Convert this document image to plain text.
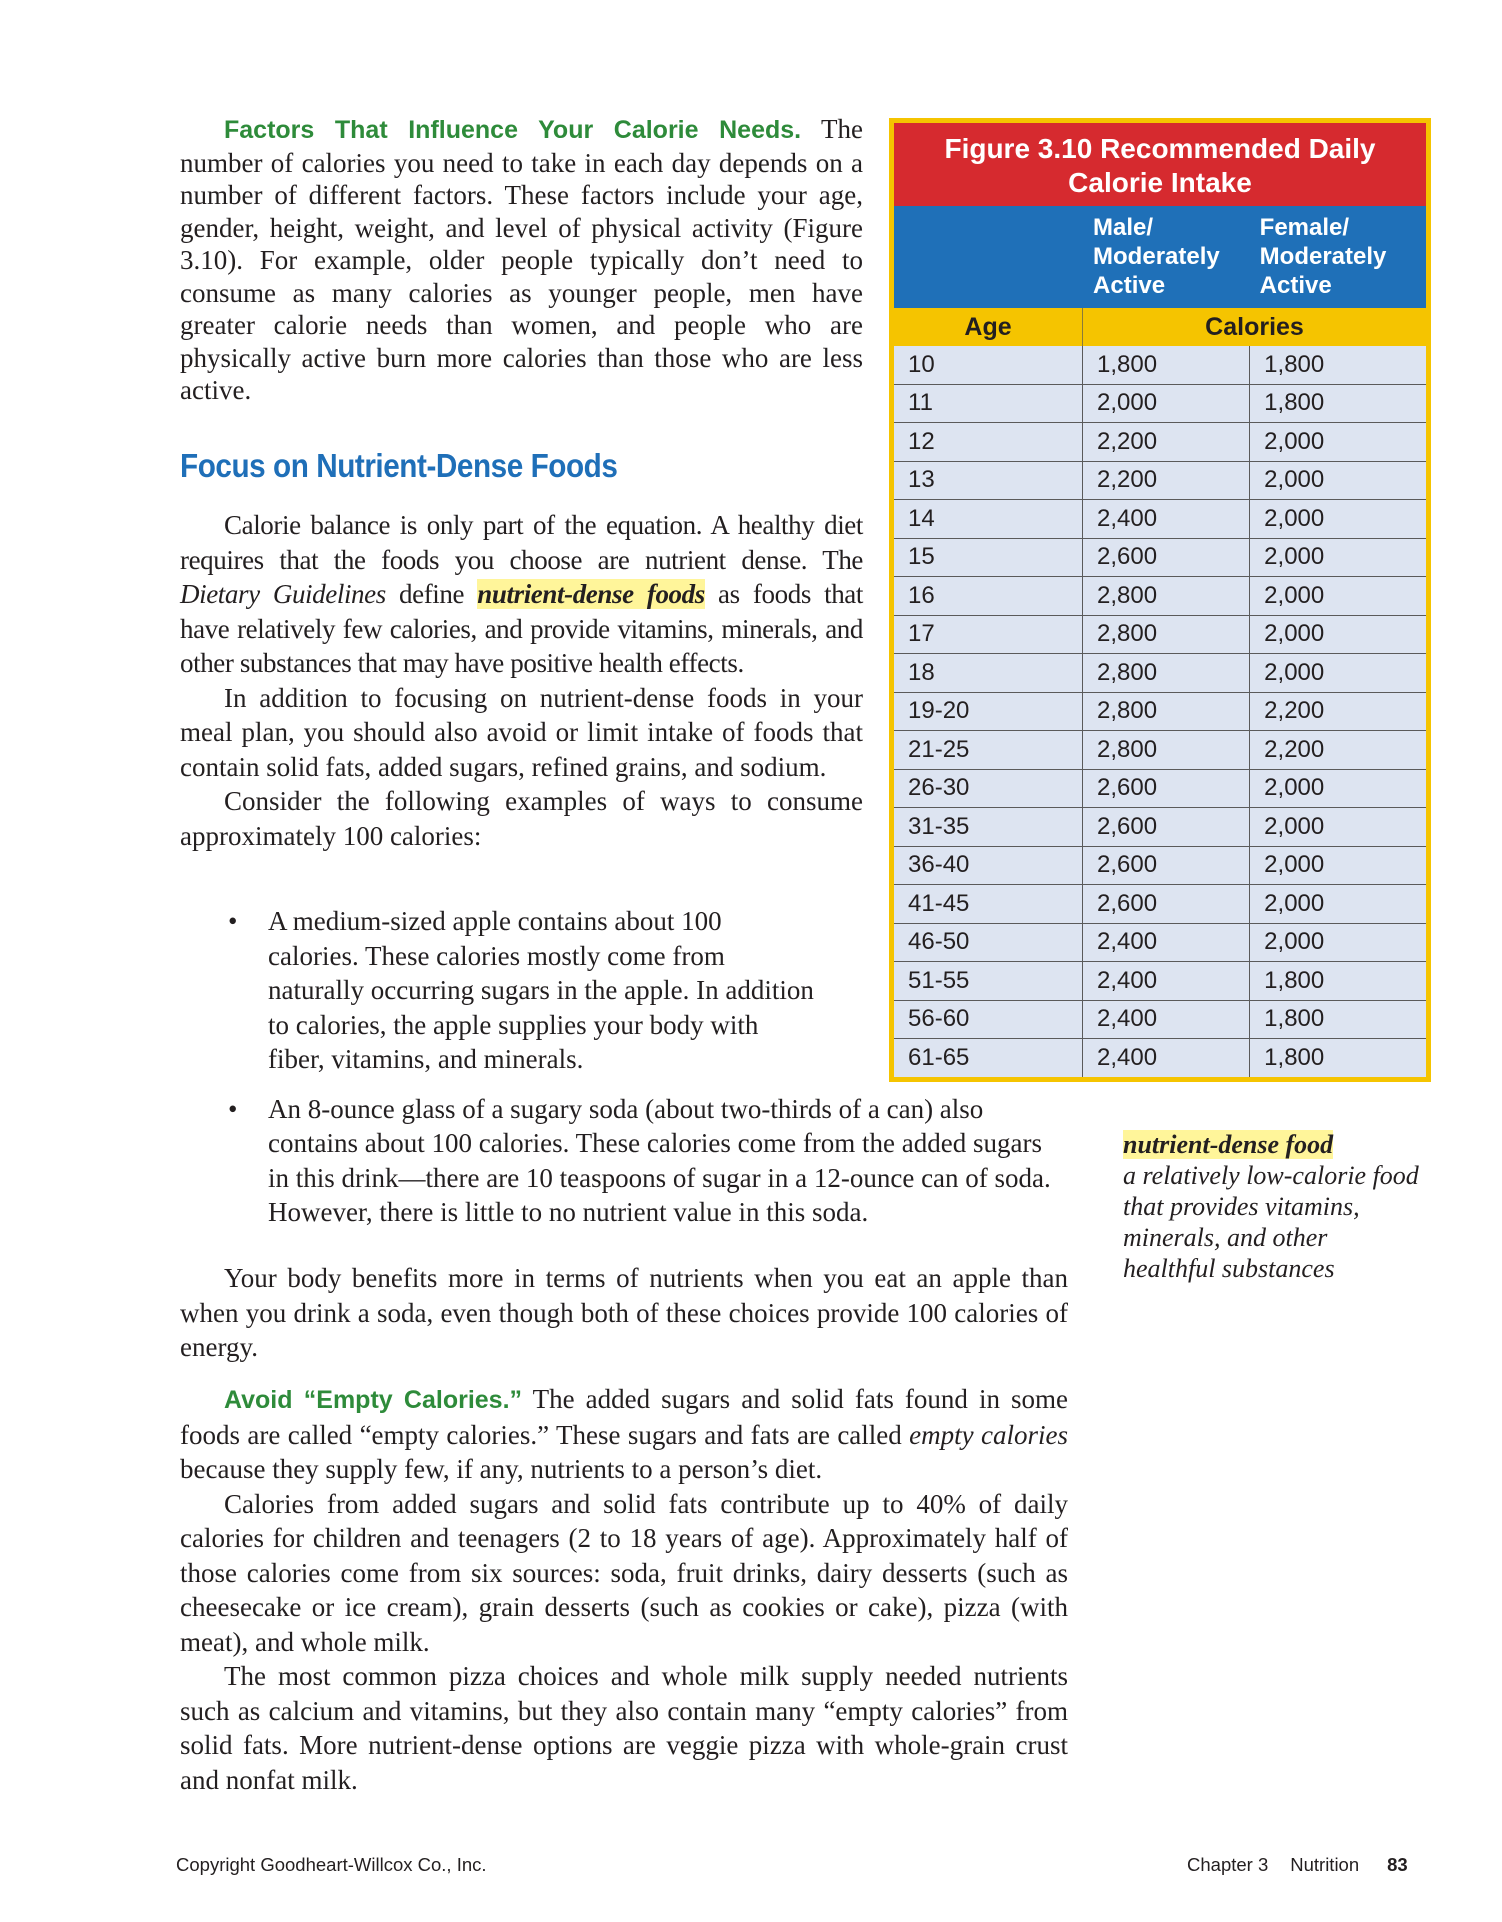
Factors That Influence Your Calorie Needs. The number of calories you need to take in each day depends on a number of different factors. These factors include your age, gender, height, weight, and level of physical activity (Figure 3.10). For example, older people typically don’t need to consume as many calories as younger people, men have greater calorie needs than women, and people who are physically active burn more calories than those who are less active.

Focus on Nutrient-Dense Foods

Calorie balance is only part of the equation. A healthy diet requires that the foods you choose are nutrient dense. The Dietary Guidelines define nutrient-dense foods as foods that have relatively few calories, and provide vitamins, minerals, and other substances that may have positive health effects.

In addition to focusing on nutrient-dense foods in your meal plan, you should also avoid or limit intake of foods that contain solid fats, added sugars, refined grains, and sodium.

Consider the following examples of ways to consume approximately 100 calories:

• A medium-sized apple contains about 100 calories. These calories mostly come from naturally occurring sugars in the apple. In addition to calories, the apple supplies your body with fiber, vitamins, and minerals.
• An 8-ounce glass of a sugary soda (about two-thirds of a can) also contains about 100 calories. These calories come from the added sugars in this drink—there are 10 teaspoons of sugar in a 12-ounce can of soda. However, there is little to no nutrient value in this soda.

Your body benefits more in terms of nutrients when you eat an apple than when you drink a soda, even though both of these choices provide 100 calories of energy.

Avoid “Empty Calories.” The added sugars and solid fats found in some foods are called “empty calories.” These sugars and fats are called empty calories because they supply few, if any, nutrients to a person’s diet.

Calories from added sugars and solid fats contribute up to 40% of daily calories for children and teenagers (2 to 18 years of age). Approximately half of those calories come from six sources: soda, fruit drinks, dairy desserts (such as cheesecake or ice cream), grain desserts (such as cookies or cake), pizza (with meat), and whole milk.

The most common pizza choices and whole milk supply needed nutrients such as calcium and vitamins, but they also contain many “empty calories” from solid fats. More nutrient-dense options are veggie pizza with whole-grain crust and nonfat milk.

Figure 3.10 Recommended Daily Calorie Intake
	Male/ Moderately Active	Female/ Moderately Active
Age	Calories	
10	1,800	1,800
11	2,000	1,800
12	2,200	2,000
13	2,200	2,000
14	2,400	2,000
15	2,600	2,000
16	2,800	2,000
17	2,800	2,000
18	2,800	2,000
19-20	2,800	2,200
21-25	2,800	2,200
26-30	2,600	2,000
31-35	2,600	2,000
36-40	2,600	2,000
41-45	2,600	2,000
46-50	2,400	2,000
51-55	2,400	1,800
56-60	2,400	1,800
61-65	2,400	1,800
nutrient-dense food
a relatively low-calorie food that provides vitamins, minerals, and other healthful substances
Copyright Goodheart-Willcox Co., Inc.	Chapter 3 Nutrition 83
